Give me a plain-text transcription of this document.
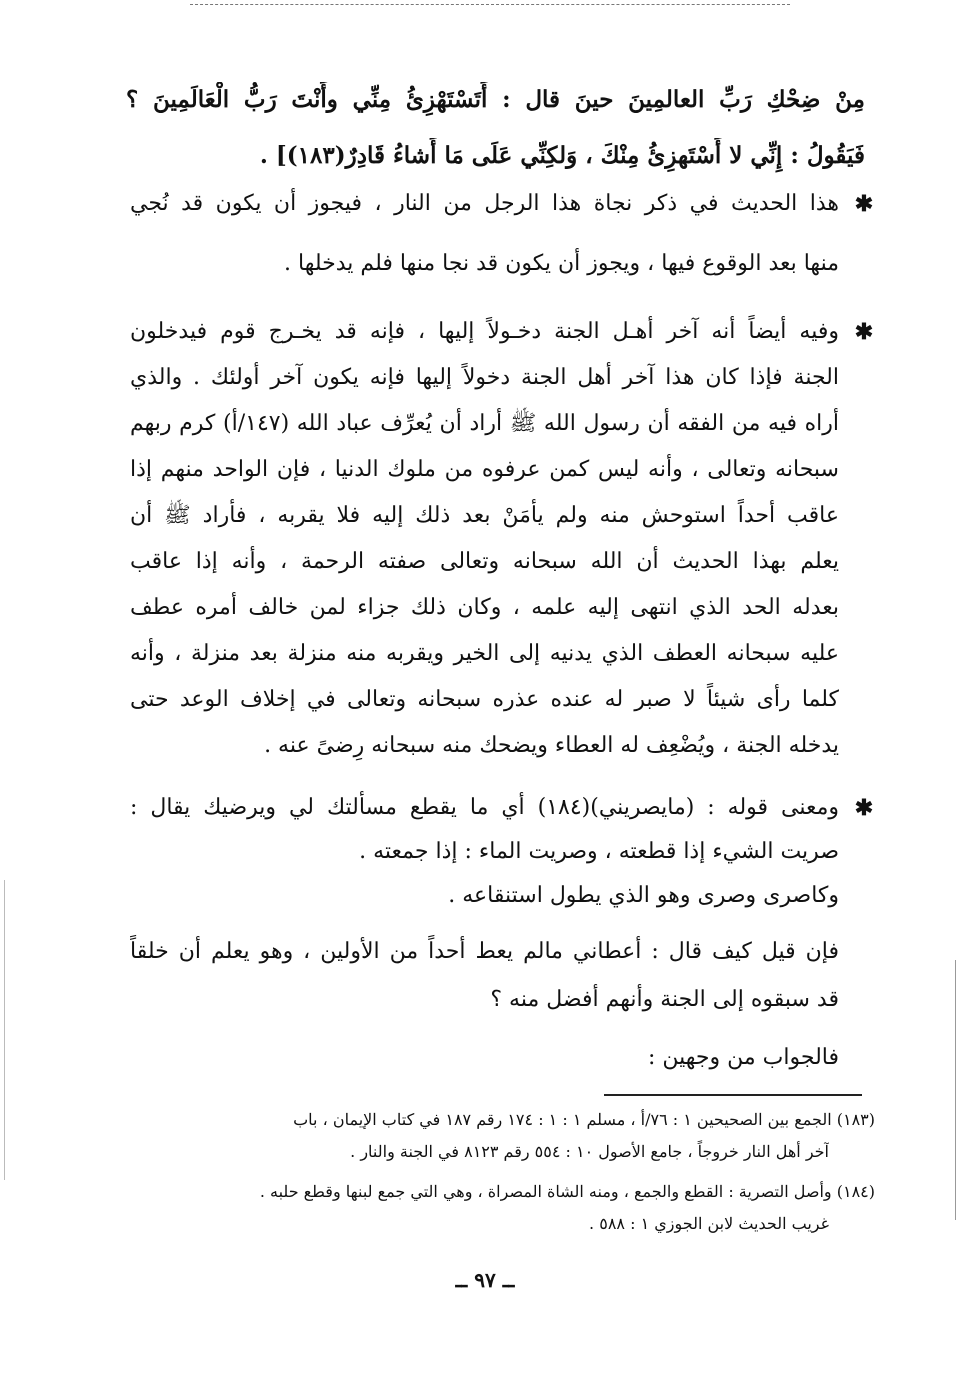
مِنْ ضِحْكِ رَبِّ العالمِينَ حينَ قال : أَتَسْتَهْزِئُ مِنِّي وأَنْتَ رَبُّ الْعَالَمِينَ ؟
فَيَقُولُ : إِنِّي لا أَسْتَهزِئُ مِنْكَ ، وَلكِنِّي عَلَى مَا أَشاءُ قَادِرٌ(١٨٣)] .
✱
هذا الحديث في ذكر نجاة هذا الرجل من النار ، فيجوز أن يكون قد نُجي
منها بعد الوقوع فيها ، ويجوز أن يكون قد نجا منها فلم يدخلها .
✱
وفيه أيضاً أنه آخر أهـل الجنة دخـولاً إليها ، فإنه قد يخـرج قوم فيدخلون
الجنة فإذا كان هذا آخر أهل الجنة دخولاً إليها فإنه يكون آخر أولئك . والذي
أراه فيه من الفقه أن رسول الله ﷺ أراد أن يُعرِّف عباد الله (١٤٧/أ) كرم ربهم
سبحانه وتعالى ، وأنه ليس كمن عرفوه من ملوك الدنيا ، فإن الواحد منهم إذا
عاقب أحداً استوحش منه ولم يأمَنْ بعد ذلك إليه فلا يقربه ، فأراد ﷺ أن
يعلم بهذا الحديث أن الله سبحانه وتعالى صفته الرحمة ، وأنه إذا عاقب
بعدله الحد الذي انتهى إليه علمه ، وكان ذلك جزاء لمن خالف أمره عطف
عليه سبحانه العطف الذي يدنيه إلى الخير ويقربه منه منزلة بعد منزلة ، وأنه
كلما رأى شيئاً لا صبر له عنده عذره سبحانه وتعالى في إخلاف الوعد حتى
يدخله الجنة ، ويُضْعِف له العطاء ويضحك منه سبحانه رِضىً عنه .
✱
ومعنى قوله : (مايصريني)(١٨٤) أي ما يقطع مسألتك لي ويرضيك يقال :
صريت الشيء إذا قطعته ، وصريت الماء : إذا جمعته .
وكاصرى وصرى وهو الذي يطول استنقاعه .
فإن قيل كيف قال : أعطاني مالم يعط أحداً من الأولين ، وهو يعلم أن خلقاً
قد سبقوه إلى الجنة وأنهم أفضل منه ؟
فالجواب من وجهين :
(١٨٣) الجمع بين الصحيحين ١ : ٧٦/أ ، مسلم ١ : ١ : ١٧٤ رقم ١٨٧ في كتاب الإيمان ، باب
آخر أهل النار خروجاً ، جامع الأصول ١٠ : ٥٥٤ رقم ٨١٢٣ في الجنة والنار .
(١٨٤) وأصل التصرية : القطع والجمع ، ومنه الشاة المصراة ، وهي التي جمع لبنها وقطع حلبه .
غريب الحديث لابن الجوزي ١ : ٥٨٨ .
ــ ٩٧ ــ
